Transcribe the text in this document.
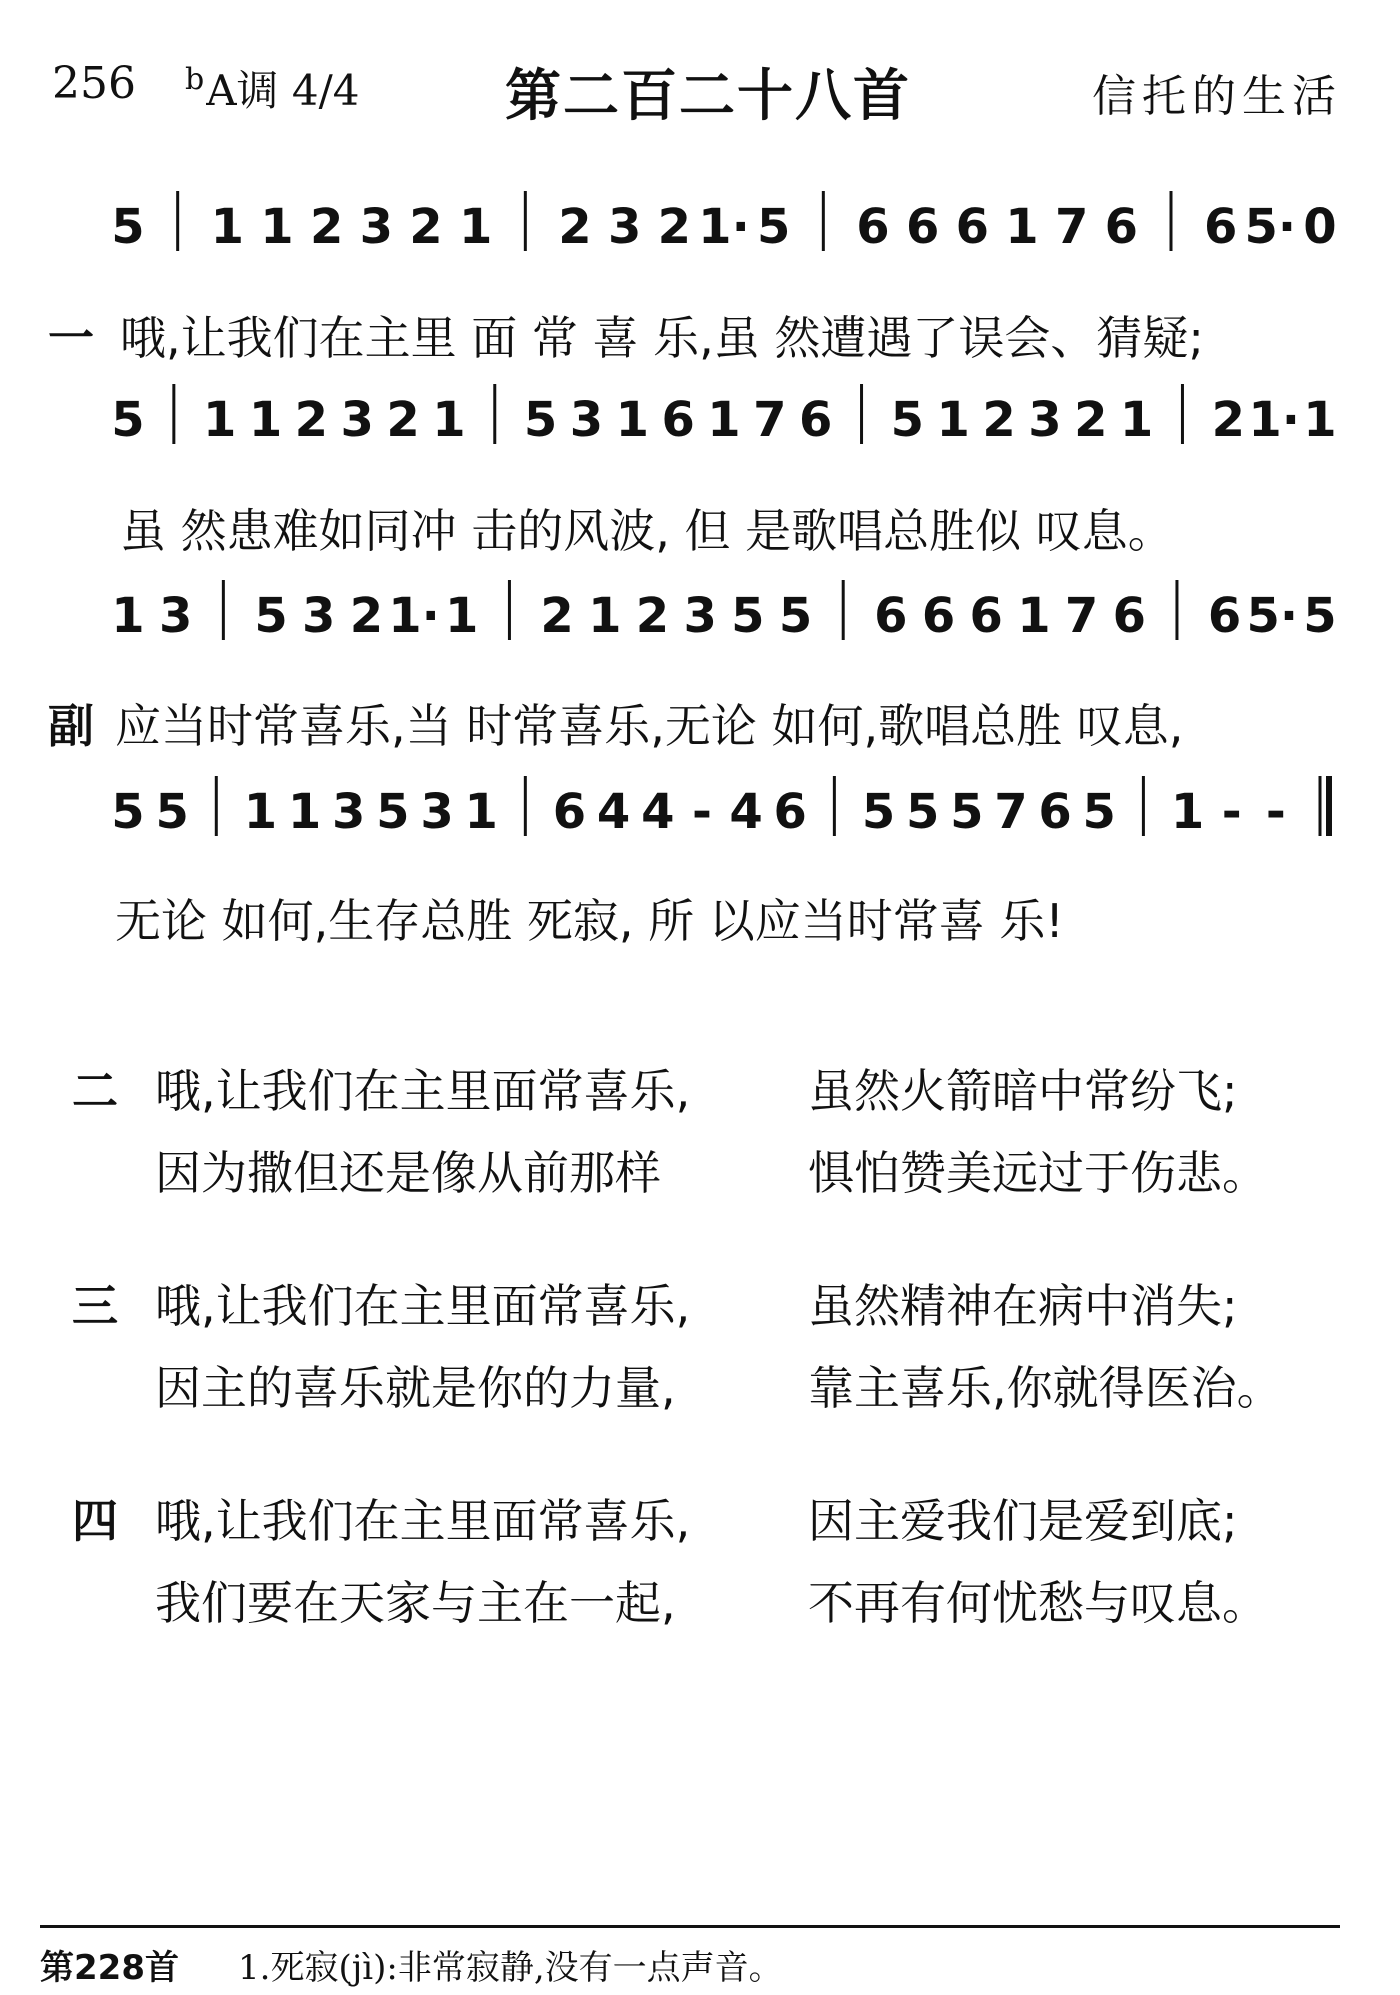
256 $^b$A调 4/4	第二百二十八首	信托的生活
5 1 1 2 3 2 1 2 3 2 1· 5 6 6 6 1 7 6 6 5· 0
5 1 1 2 3 2 1 5 3 1 6 1 7 6 5 1 2 3 2 1 2 1· 1
1 3 5 3 2 1· 1 2 1 2 3 5 5 6 6 6 1 7 6 6 5· 5
5 5 1 1 3 5 3 1 6 4 4 - 4 6 5 5 5 7 6 5 1 - -
一 哦,让我们在主里 面 常 喜 乐,虽 然遭遇了误会、猜疑;
虽 然患难如同冲 击的风波, 但 是歌唱总胜似 叹息。
副 应当时常喜乐,当 时常喜乐,无论 如何,歌唱总胜 叹息,
无论 如何,生存总胜 死寂, 所 以应当时常喜 乐!
二 哦,让我们在主里面常喜乐,	虽然火箭暗中常纷飞;
因为撒但还是像从前那样	惧怕赞美远过于伤悲。
三 哦,让我们在主里面常喜乐,	虽然精神在病中消失;
因主的喜乐就是你的力量,	靠主喜乐,你就得医治。
四 哦,让我们在主里面常喜乐,	因主爱我们是爱到底;
我们要在天家与主在一起,	不再有何忧愁与叹息。
第228首 1.死寂(jì):非常寂静,没有一点声音。
